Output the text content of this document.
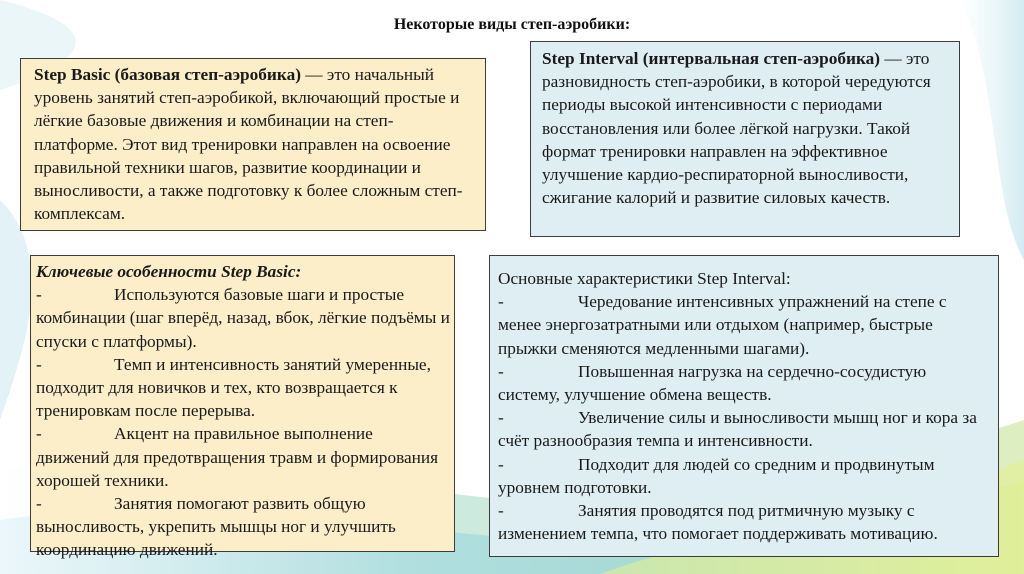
Некоторые виды степ-аэробики:

Step Basic (базовая степ-аэробика) — это начальный уровень занятий степ-аэробикой, включающий простые и лёгкие базовые движения и комбинации на степ-платформе. Этот вид тренировки направлен на освоение правильной техники шагов, развитие координации и выносливости, а также подготовку к более сложным степ-комплексам.

Step Interval (интервальная степ-аэробика) — это разновидность степ-аэробики, в которой чередуются периоды высокой интенсивности с периодами восстановления или более лёгкой нагрузки. Такой формат тренировки направлен на эффективное улучшение кардио-респираторной выносливости, сжигание калорий и развитие силовых качеств.

Ключевые особенности Step Basic:

-	Используются базовые шаги и простые комбинации (шаг вперёд, назад, вбок, лёгкие подъёмы и спуски с платформы).
-	Темп и интенсивность занятий умеренные, подходит для новичков и тех, кто возвращается к тренировкам после перерыва.
-	Акцент на правильное выполнение движений для предотвращения травм и формирования хорошей техники.
-	Занятия помогают развить общую выносливость, укрепить мышцы ног и улучшить координацию движений.

Основные характеристики Step Interval:

-	Чередование интенсивных упражнений на степе с менее энергозатратными или отдыхом (например, быстрые прыжки сменяются медленными шагами).
-	Повышенная нагрузка на сердечно-сосудистую систему, улучшение обмена веществ.
-	Увеличение силы и выносливости мышц ног и кора за счёт разнообразия темпа и интенсивности.
-	Подходит для людей со средним и продвинутым уровнем подготовки.
-	Занятия проводятся под ритмичную музыку с изменением темпа, что помогает поддерживать мотивацию.
